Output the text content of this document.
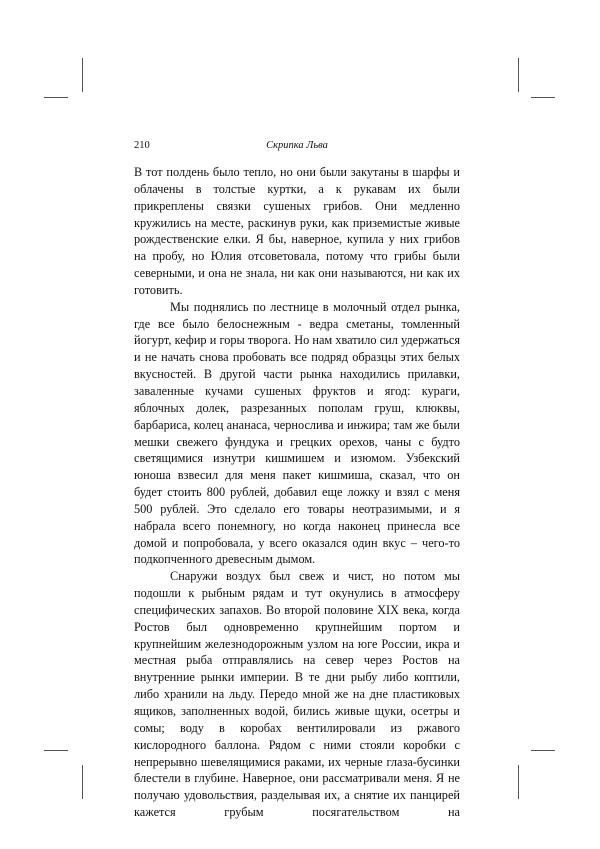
210	Скрипка Льва

В тот полдень было тепло, но они были закутаны в шарфы и облачены в толстые куртки, а к рукавам их были прикреплены связки сушеных грибов. Они медленно кружились на месте, раскинув руки, как приземистые живые рождественские елки. Я бы, наверное, купила у них грибов на пробу, но Юлия отсоветовала, потому что грибы были северными, и она не знала, ни как они называются, ни как их готовить.

Мы поднялись по лестнице в молочный отдел рынка, где все было белоснежным - ведра сметаны, томленный йогурт, кефир и горы творога. Но нам хватило сил удержаться и не начать снова пробовать все подряд образцы этих белых вкусностей. В другой части рынка находились прилавки, заваленные кучами сушеных фруктов и ягод: кураги, яблочных долек, разрезанных пополам груш, клюквы, барбариса, колец ананаса, чернослива и инжира; там же были мешки свежего фундука и грецких орехов, чаны с будто светящимися изнутри кишмишем и изюмом. Узбекский юноша взвесил для меня пакет кишмиша, сказал, что он будет стоить 800 рублей, добавил еще ложку и взял с меня 500 рублей. Это сделало его товары неотразимыми, и я набрала всего понемногу, но когда наконец принесла все домой и попробовала, у всего оказался один вкус – чего-то подкопченного древесным дымом.

Снаружи воздух был свеж и чист, но потом мы подошли к рыбным рядам и тут окунулись в атмосферу специфических запахов. Во второй половине XIX века, когда Ростов был одновременно крупнейшим портом и крупнейшим железнодорожным узлом на юге России, икра и местная рыба отправлялись на север через Ростов на внутренние рынки империи. В те дни рыбу либо коптили, либо хранили на льду. Передо мной же на дне пластиковых ящиков, заполненных водой, бились живые щуки, осетры и сомы; воду в коробах вентилировали из ржавого кислородного баллона. Рядом с ними стояли коробки с непрерывно шевелящимися раками, их черные глаза-бусинки блестели в глубине. Наверное, они рассматривали меня. Я не получаю удовольствия, разделывая их, а снятие их панцирей кажется грубым посягательством на
